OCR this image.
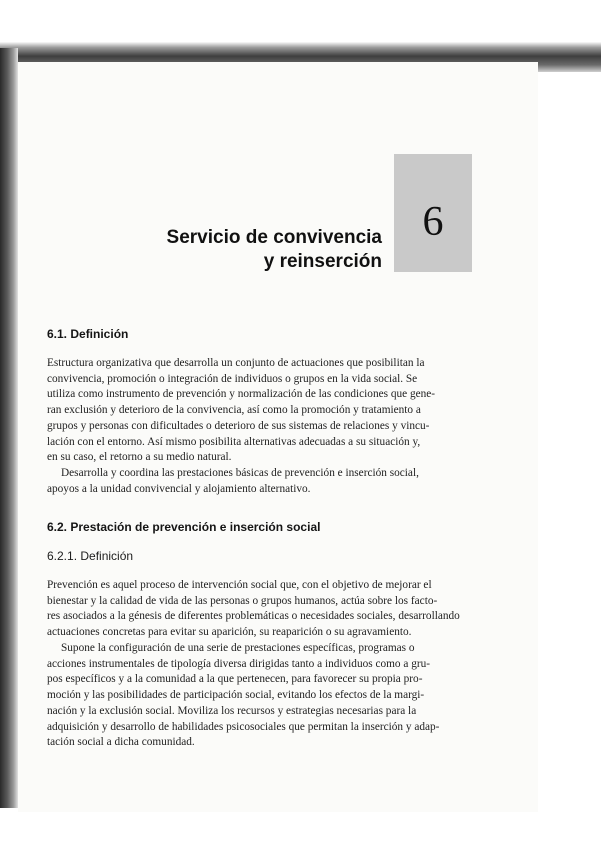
6
Servicio de convivencia
y reinserción
6.1. Definición
Estructura organizativa que desarrolla un conjunto de actuaciones que posibilitan la
convivencia, promoción o integración de individuos o grupos en la vida social. Se
utiliza como instrumento de prevención y normalización de las condiciones que gene-
ran exclusión y deterioro de la convivencia, así como la promoción y tratamiento a
grupos y personas con dificultades o deterioro de sus sistemas de relaciones y vincu-
lación con el entorno. Así mismo posibilita alternativas adecuadas a su situación y,
en su caso, el retorno a su medio natural.
Desarrolla y coordina las prestaciones básicas de prevención e inserción social,
apoyos a la unidad convivencial y alojamiento alternativo.
6.2. Prestación de prevención e inserción social
6.2.1. Definición
Prevención es aquel proceso de intervención social que, con el objetivo de mejorar el
bienestar y la calidad de vida de las personas o grupos humanos, actúa sobre los facto-
res asociados a la génesis de diferentes problemáticas o necesidades sociales, desarrollando
actuaciones concretas para evitar su aparición, su reaparición o su agravamiento.
Supone la configuración de una serie de prestaciones específicas, programas o
acciones instrumentales de tipología diversa dirigidas tanto a individuos como a gru-
pos específicos y a la comunidad a la que pertenecen, para favorecer su propia pro-
moción y las posibilidades de participación social, evitando los efectos de la margi-
nación y la exclusión social. Moviliza los recursos y estrategias necesarias para la
adquisición y desarrollo de habilidades psicosociales que permitan la inserción y adap-
tación social a dicha comunidad.
